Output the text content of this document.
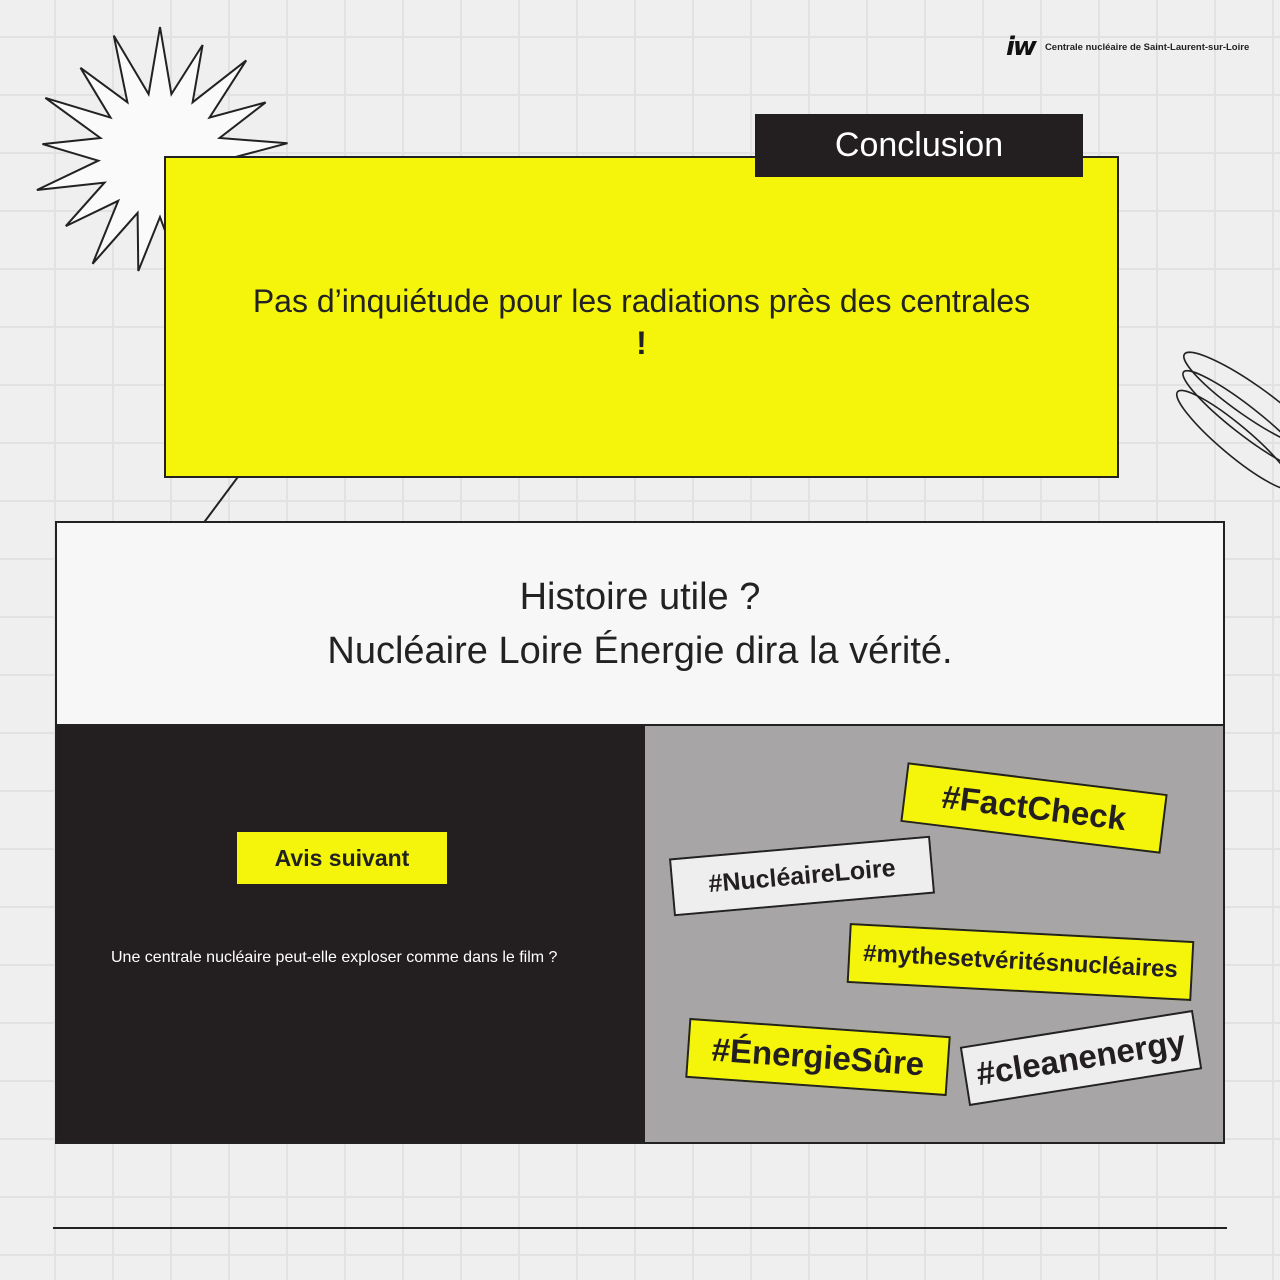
iw Centrale nucléaire de Saint-Laurent-sur-Loire
Pas d’inquiétude pour les radiations près des centrales
!
Conclusion
Histoire utile ?
Nucléaire Loire Énergie dira la vérité.
Avis suivant
Une centrale nucléaire peut-elle exploser comme dans le film ?
#FactCheck
#NucléaireLoire
#mythesetvéritésnucléaires
#ÉnergieSûre	#cleanenergy
